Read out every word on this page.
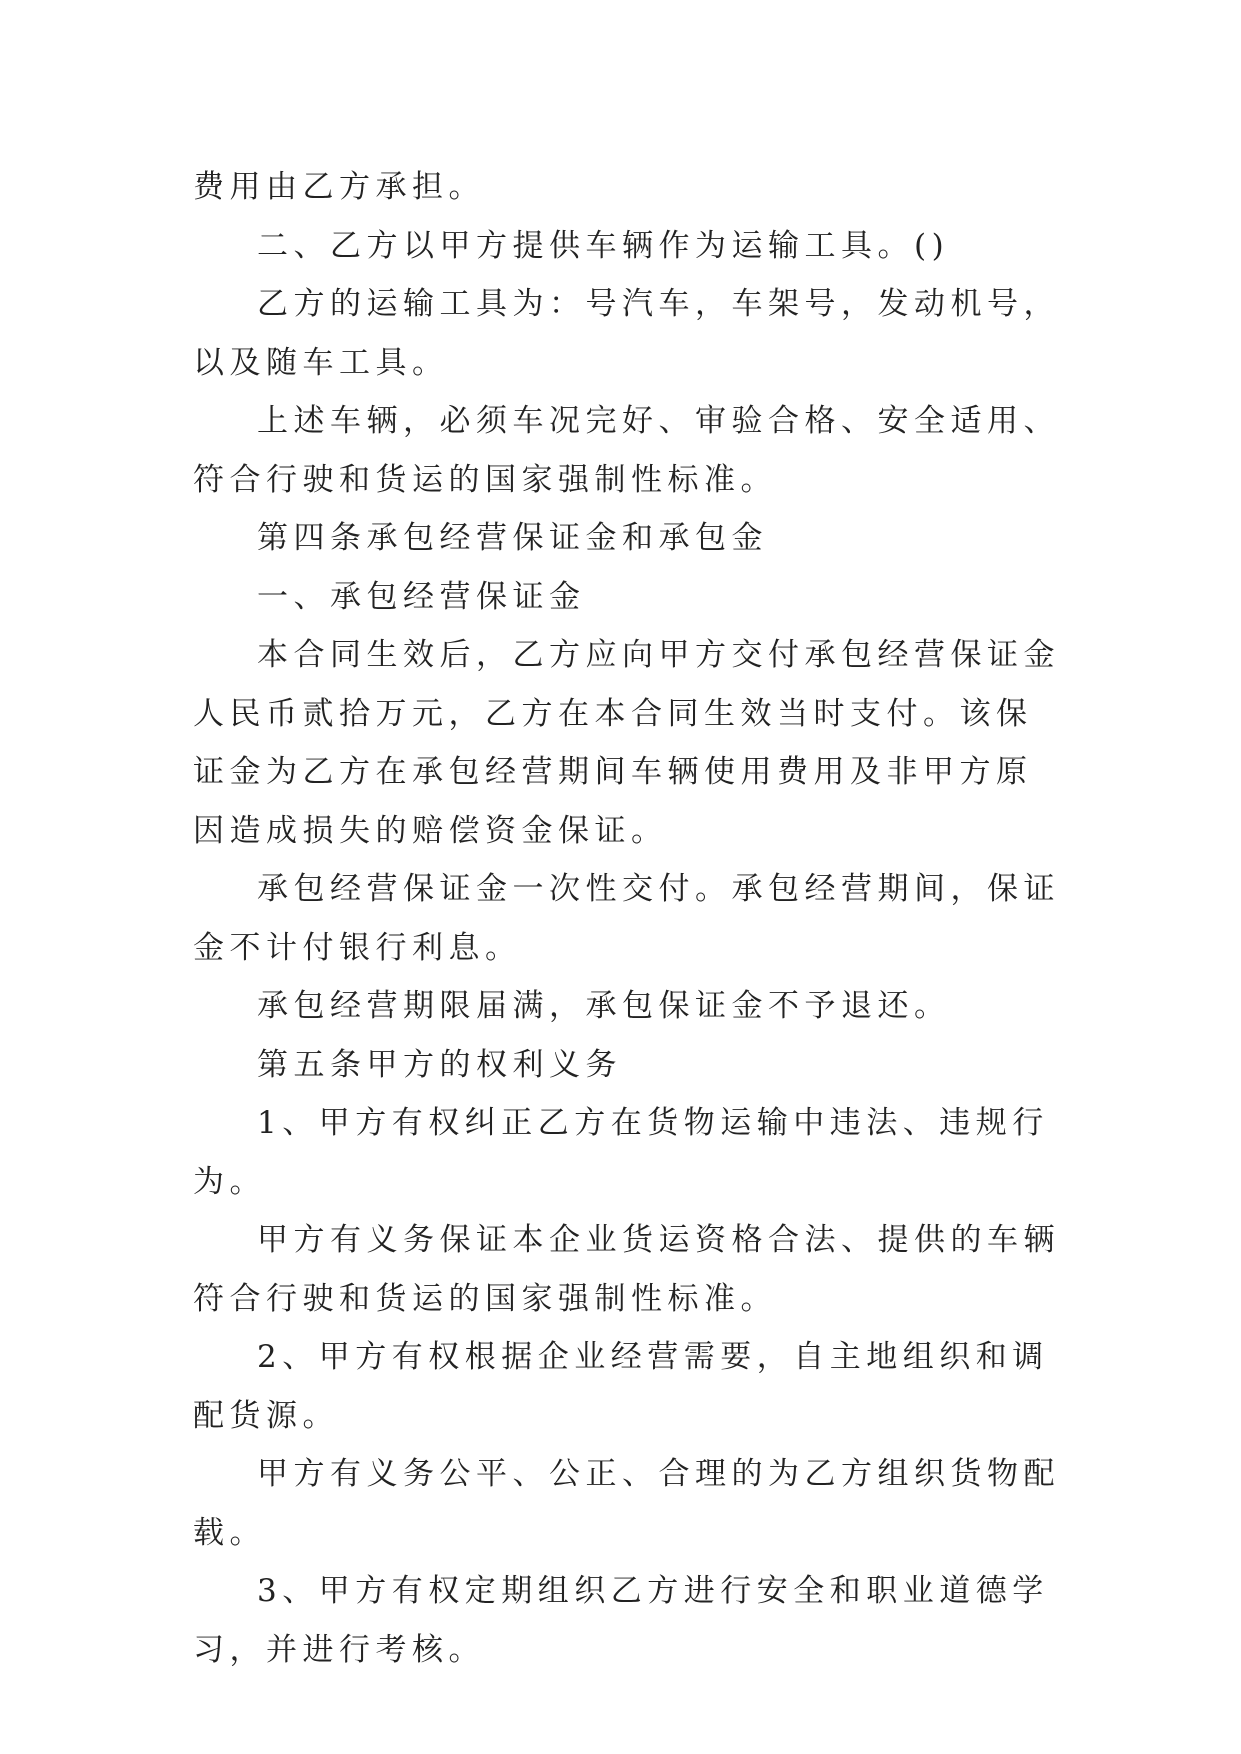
费用由乙方承担。

二、乙方以甲方提供车辆作为运输工具。()

乙方的运输工具为：号汽车，车架号，发动机号，以及随车工具。

上述车辆，必须车况完好、审验合格、安全适用、符合行驶和货运的国家强制性标准。

第四条承包经营保证金和承包金

一、承包经营保证金

本合同生效后，乙方应向甲方交付承包经营保证金人民币贰拾万元，乙方在本合同生效当时支付。该保证金为乙方在承包经营期间车辆使用费用及非甲方原因造成损失的赔偿资金保证。

承包经营保证金一次性交付。承包经营期间，保证金不计付银行利息。

承包经营期限届满，承包保证金不予退还。

第五条甲方的权利义务

1、甲方有权纠正乙方在货物运输中违法、违规行为。

甲方有义务保证本企业货运资格合法、提供的车辆符合行驶和货运的国家强制性标准。

2、甲方有权根据企业经营需要，自主地组织和调配货源。

甲方有义务公平、公正、合理的为乙方组织货物配载。

3、甲方有权定期组织乙方进行安全和职业道德学习，并进行考核。
